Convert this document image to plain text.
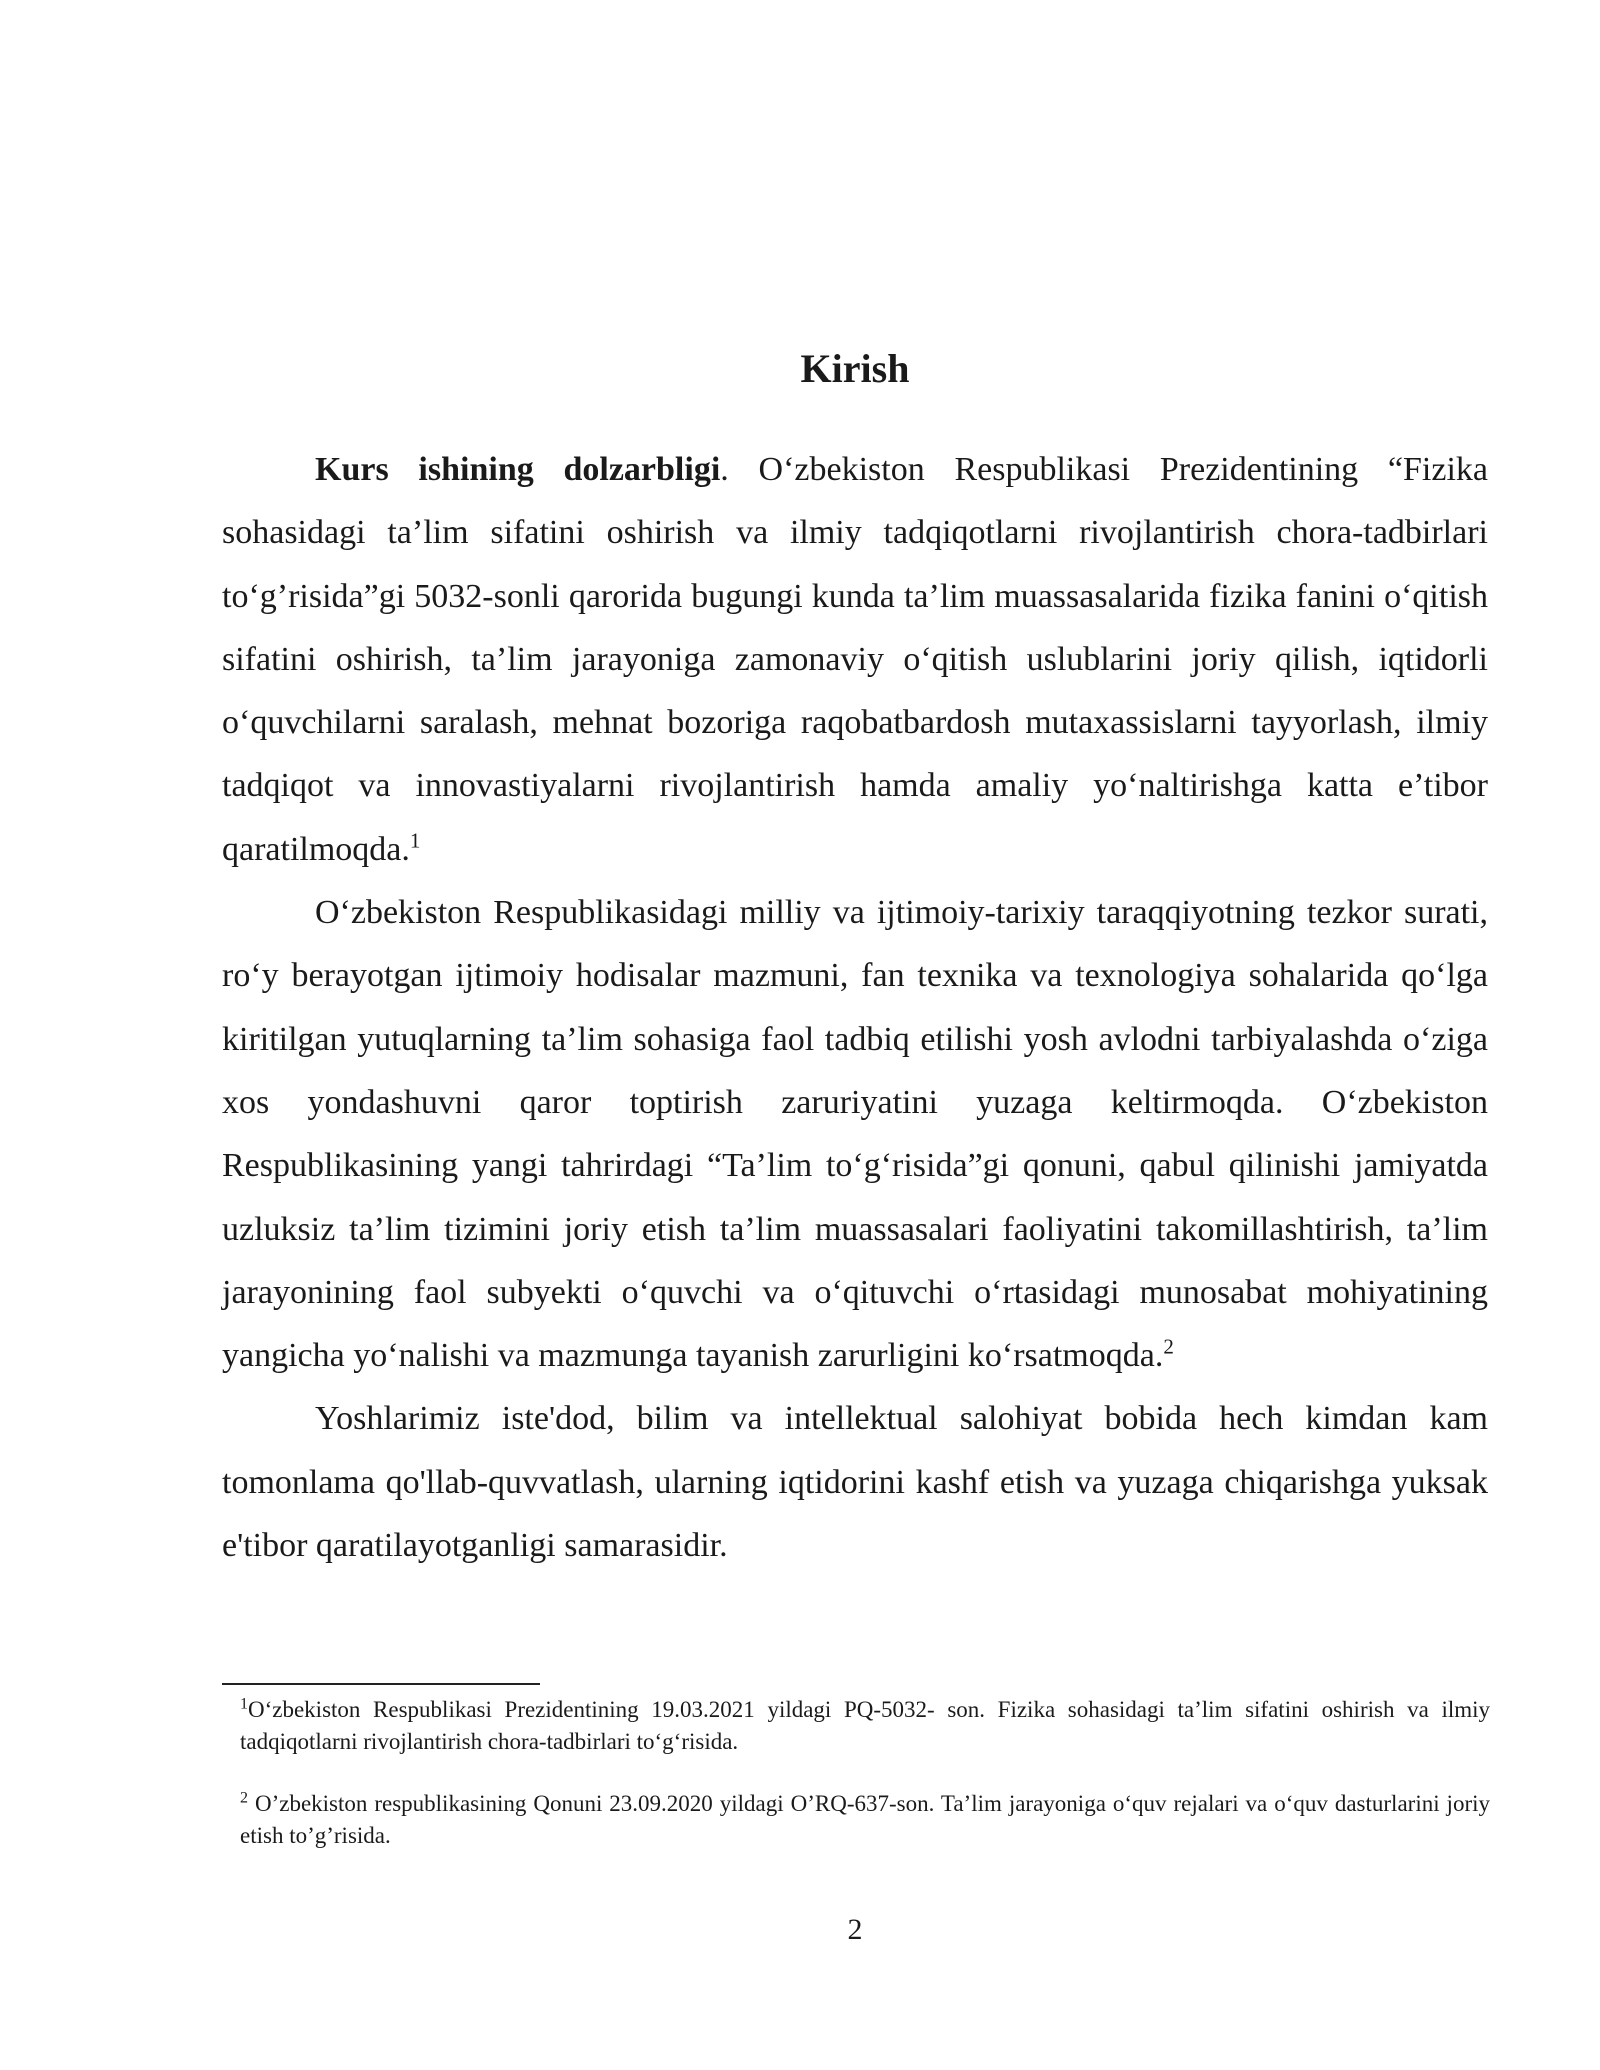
Kirish

Kurs ishining dolzarbligi. O‘zbekiston Respublikasi Prezidentining “Fizika sohasidagi ta’lim sifatini oshirish va ilmiy tadqiqotlarni rivojlantirish chora-tadbirlari to‘g’risida”gi 5032-sonli qarorida bugungi kunda ta’lim muassasalarida fizika fanini o‘qitish sifatini oshirish, ta’lim jarayoniga zamonaviy o‘qitish uslublarini joriy qilish, iqtidorli o‘quvchilarni saralash, mehnat bozoriga raqobatbardosh mutaxassislarni tayyorlash, ilmiy tadqiqot va innovastiyalarni rivojlantirish hamda amaliy yo‘naltirishga katta e’tibor qaratilmoqda.$^1$

O‘zbekiston Respublikasidagi milliy va ijtimoiy-tarixiy taraqqiyotning tezkor surati, ro‘y berayotgan ijtimoiy hodisalar mazmuni, fan texnika va texnologiya sohalarida qo‘lga kiritilgan yutuqlarning ta’lim sohasiga faol tadbiq etilishi yosh avlodni tarbiyalashda o‘ziga xos yondashuvni qaror toptirish zaruriyatini yuzaga keltirmoqda. O‘zbekiston Respublikasining yangi tahrirdagi “Ta’lim to‘g‘risida”gi qonuni, qabul qilinishi jamiyatda uzluksiz ta’lim tizimini joriy etish ta’lim muassasalari faoliyatini takomillashtirish, ta’lim jarayonining faol subyekti o‘quvchi va o‘qituvchi o‘rtasidagi munosabat mohiyatining yangicha yo‘nalishi va mazmunga tayanish zarurligini ko‘rsatmoqda.$^2$

Yoshlarimiz iste'dod, bilim va intellektual salohiyat bobida hech kimdan kam tomonlama qo'llab-quvvatlash, ularning iqtidorini kashf etish va yuzaga chiqarishga yuksak e'tibor qaratilayotganligi samarasidir.

$^1$O‘zbekiston Respublikasi Prezidentining 19.03.2021 yildagi PQ-5032- son. Fizika sohasidagi ta’lim sifatini oshirish va ilmiy tadqiqotlarni rivojlantirish chora-tadbirlari to‘g‘risida.

$^2$ O’zbekiston respublikasining Qonuni 23.09.2020 yildagi O’RQ-637-son. Ta’lim jarayoniga o‘quv rejalari va o‘quv dasturlarini joriy etish to’g’risida.

2
